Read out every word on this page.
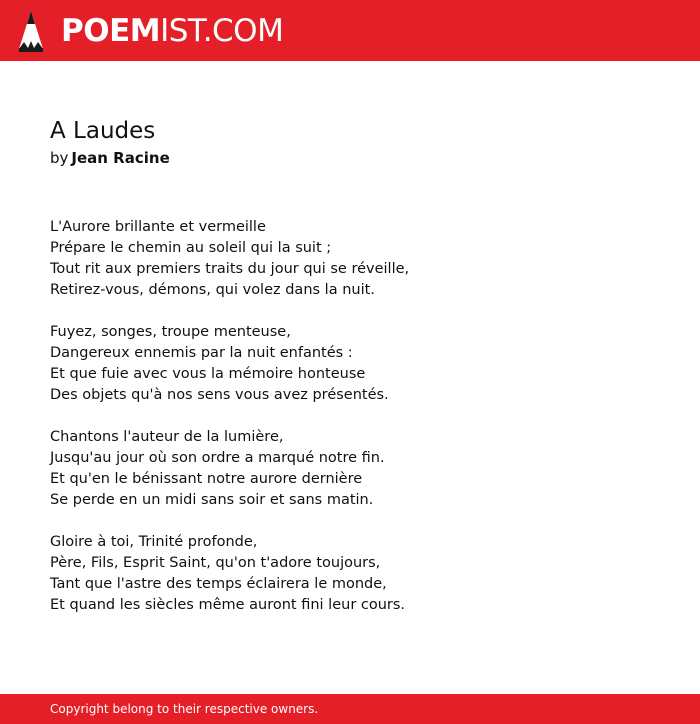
POEM IST.COM
A Laudes
by Jean Racine
L'Aurore brillante et vermeille
Prépare le chemin au soleil qui la suit ;
Tout rit aux premiers traits du jour qui se réveille,
Retirez-vous, démons, qui volez dans la nuit.
Fuyez, songes, troupe menteuse,
Dangereux ennemis par la nuit enfantés :
Et que fuie avec vous la mémoire honteuse
Des objets qu'à nos sens vous avez présentés.
Chantons l'auteur de la lumière,
Jusqu'au jour où son ordre a marqué notre fin.
Et qu'en le bénissant notre aurore dernière
Se perde en un midi sans soir et sans matin.
Gloire à toi, Trinité profonde,
Père, Fils, Esprit Saint, qu'on t'adore toujours,
Tant que l'astre des temps éclairera le monde,
Et quand les siècles même auront fini leur cours.
Copyright belong to their respective owners.
